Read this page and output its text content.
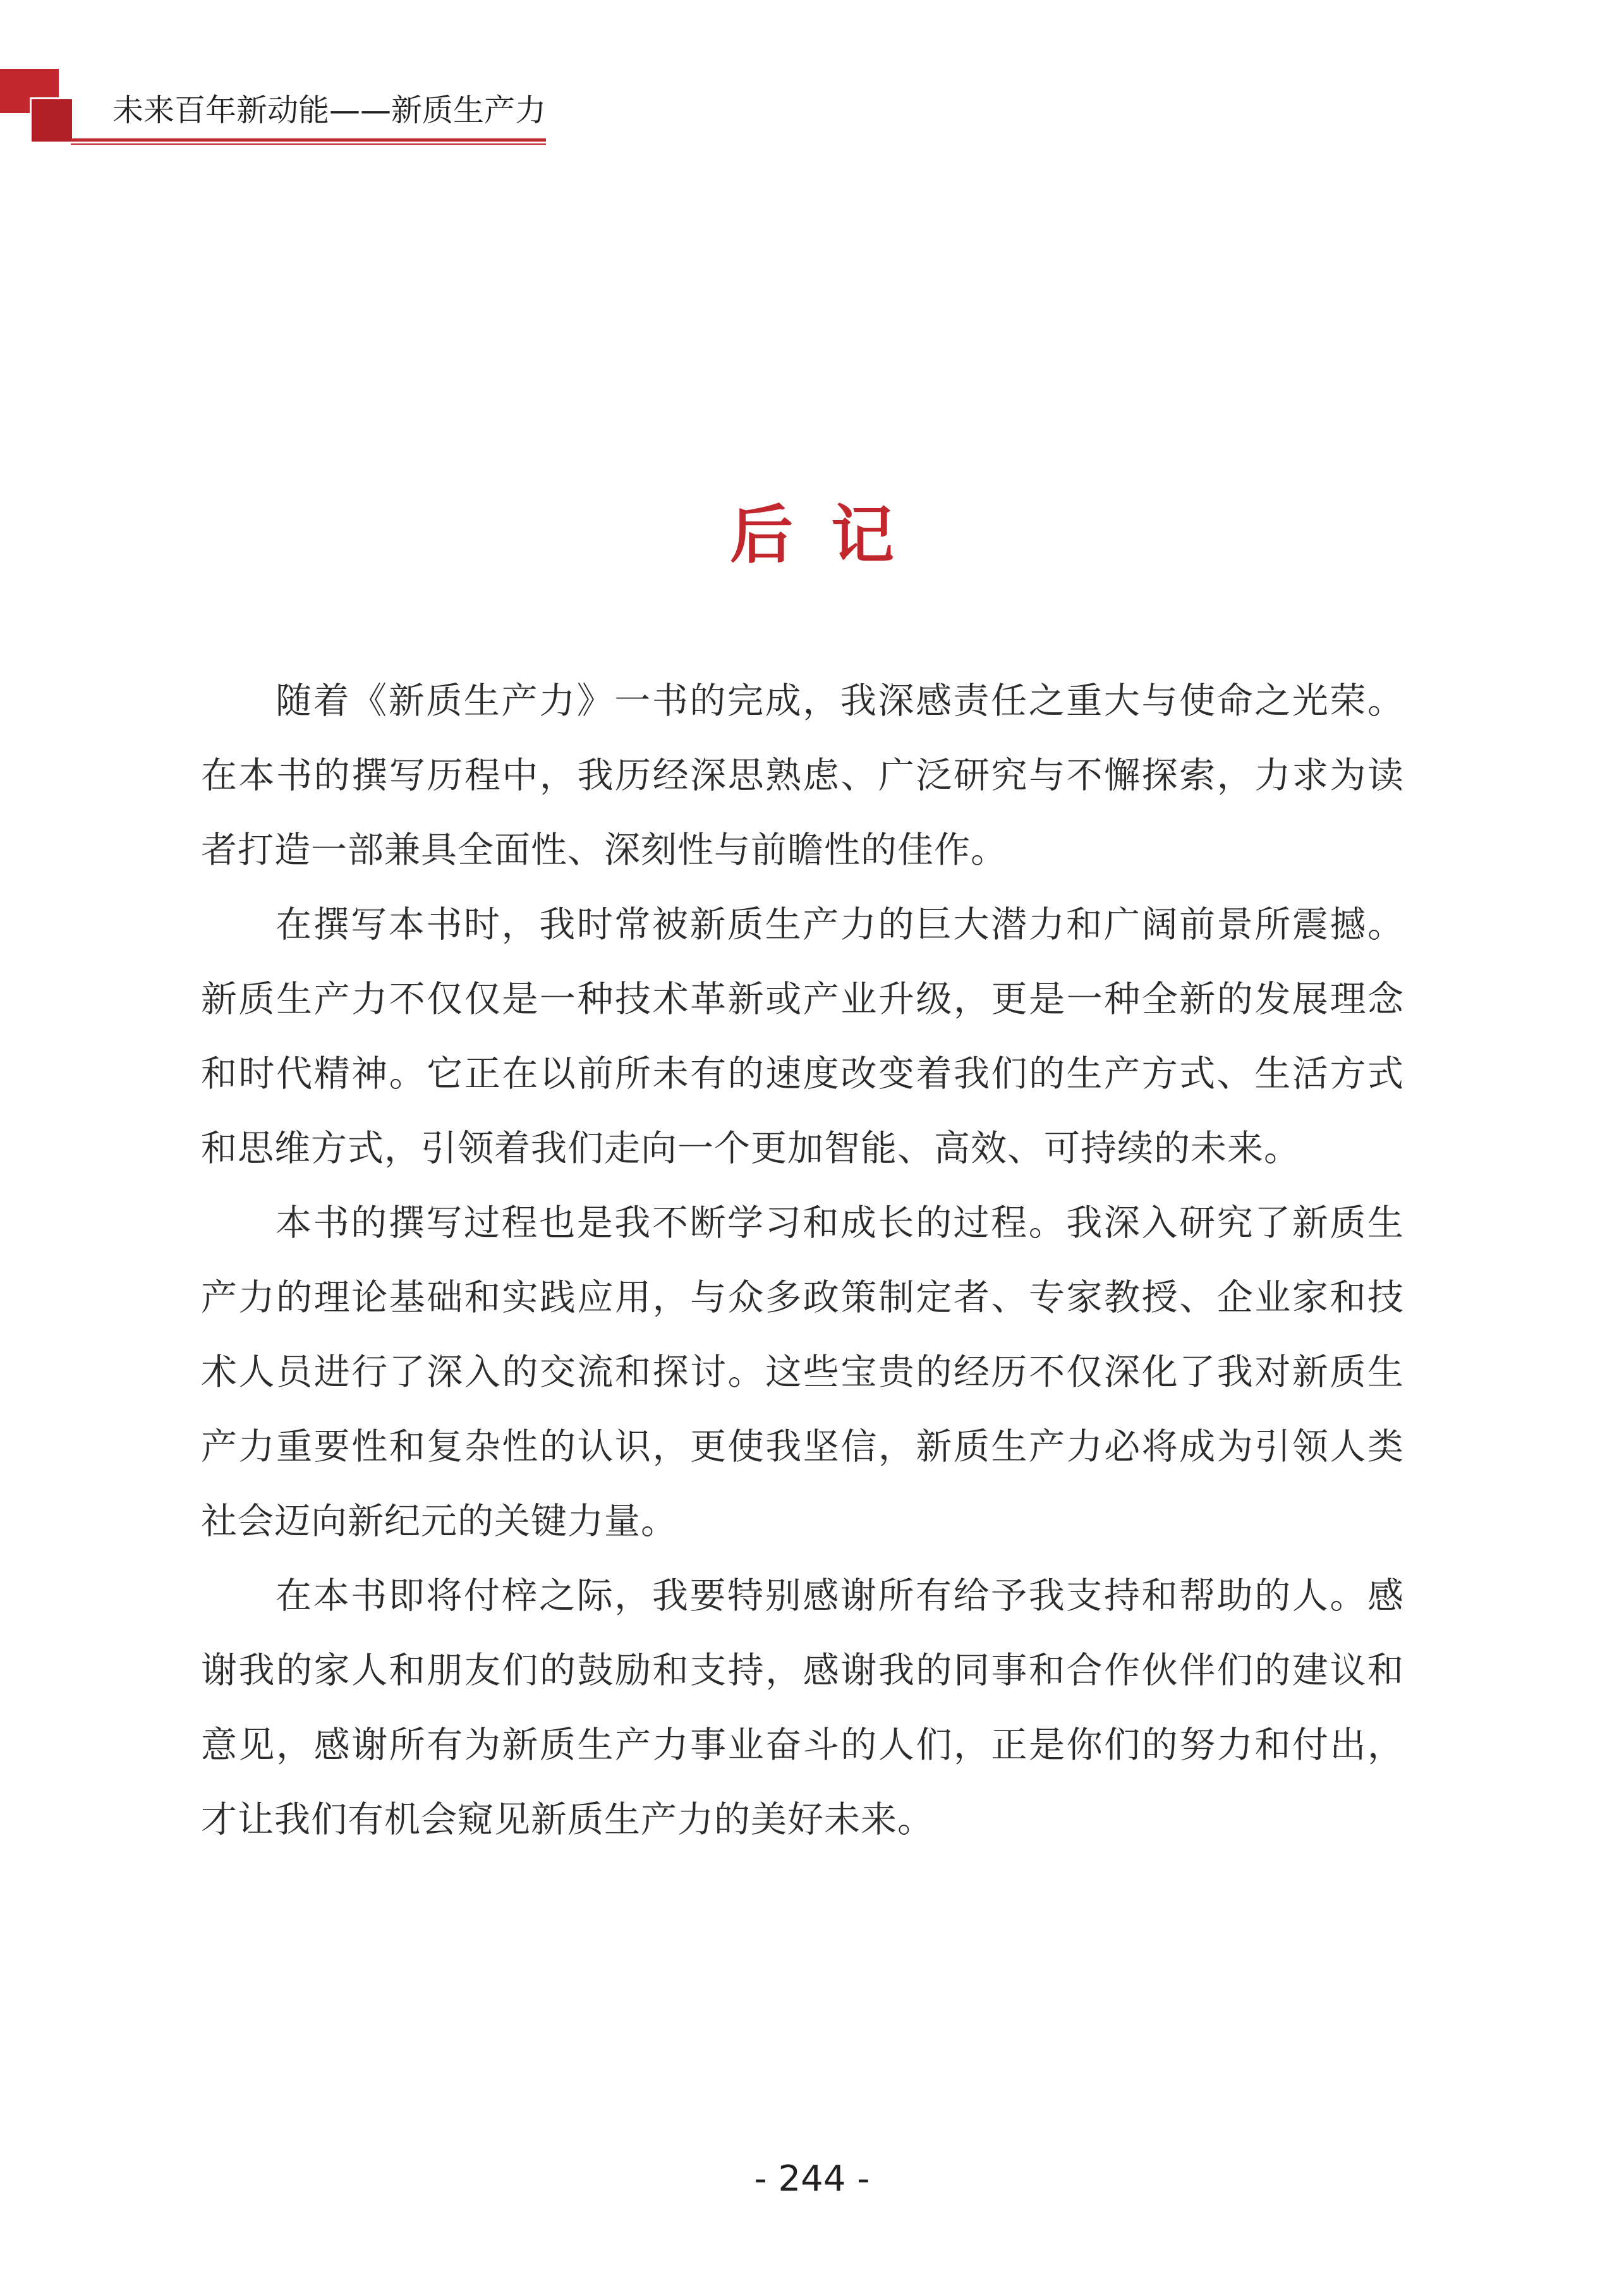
未来百年新动能——新质生产力
后记

随着《新质生产力》一书的完成，我深感责任之重大与使命之光荣。在本书的撰写历程中，我历经深思熟虑、广泛研究与不懈探索，力求为读者打造一部兼具全面性、深刻性与前瞻性的佳作。

在撰写本书时，我时常被新质生产力的巨大潜力和广阔前景所震撼。新质生产力不仅仅是一种技术革新或产业升级，更是一种全新的发展理念和时代精神。它正在以前所未有的速度改变着我们的生产方式、生活方式和思维方式，引领着我们走向一个更加智能、高效、可持续的未来。

本书的撰写过程也是我不断学习和成长的过程。我深入研究了新质生产力的理论基础和实践应用，与众多政策制定者、专家教授、企业家和技术人员进行了深入的交流和探讨。这些宝贵的经历不仅深化了我对新质生产力重要性和复杂性的认识，更使我坚信，新质生产力必将成为引领人类社会迈向新纪元的关键力量。

在本书即将付梓之际，我要特别感谢所有给予我支持和帮助的人。感谢我的家人和朋友们的鼓励和支持，感谢我的同事和合作伙伴们的建议和意见，感谢所有为新质生产力事业奋斗的人们，正是你们的努力和付出，才让我们有机会窥见新质生产力的美好未来。

- 244 -
